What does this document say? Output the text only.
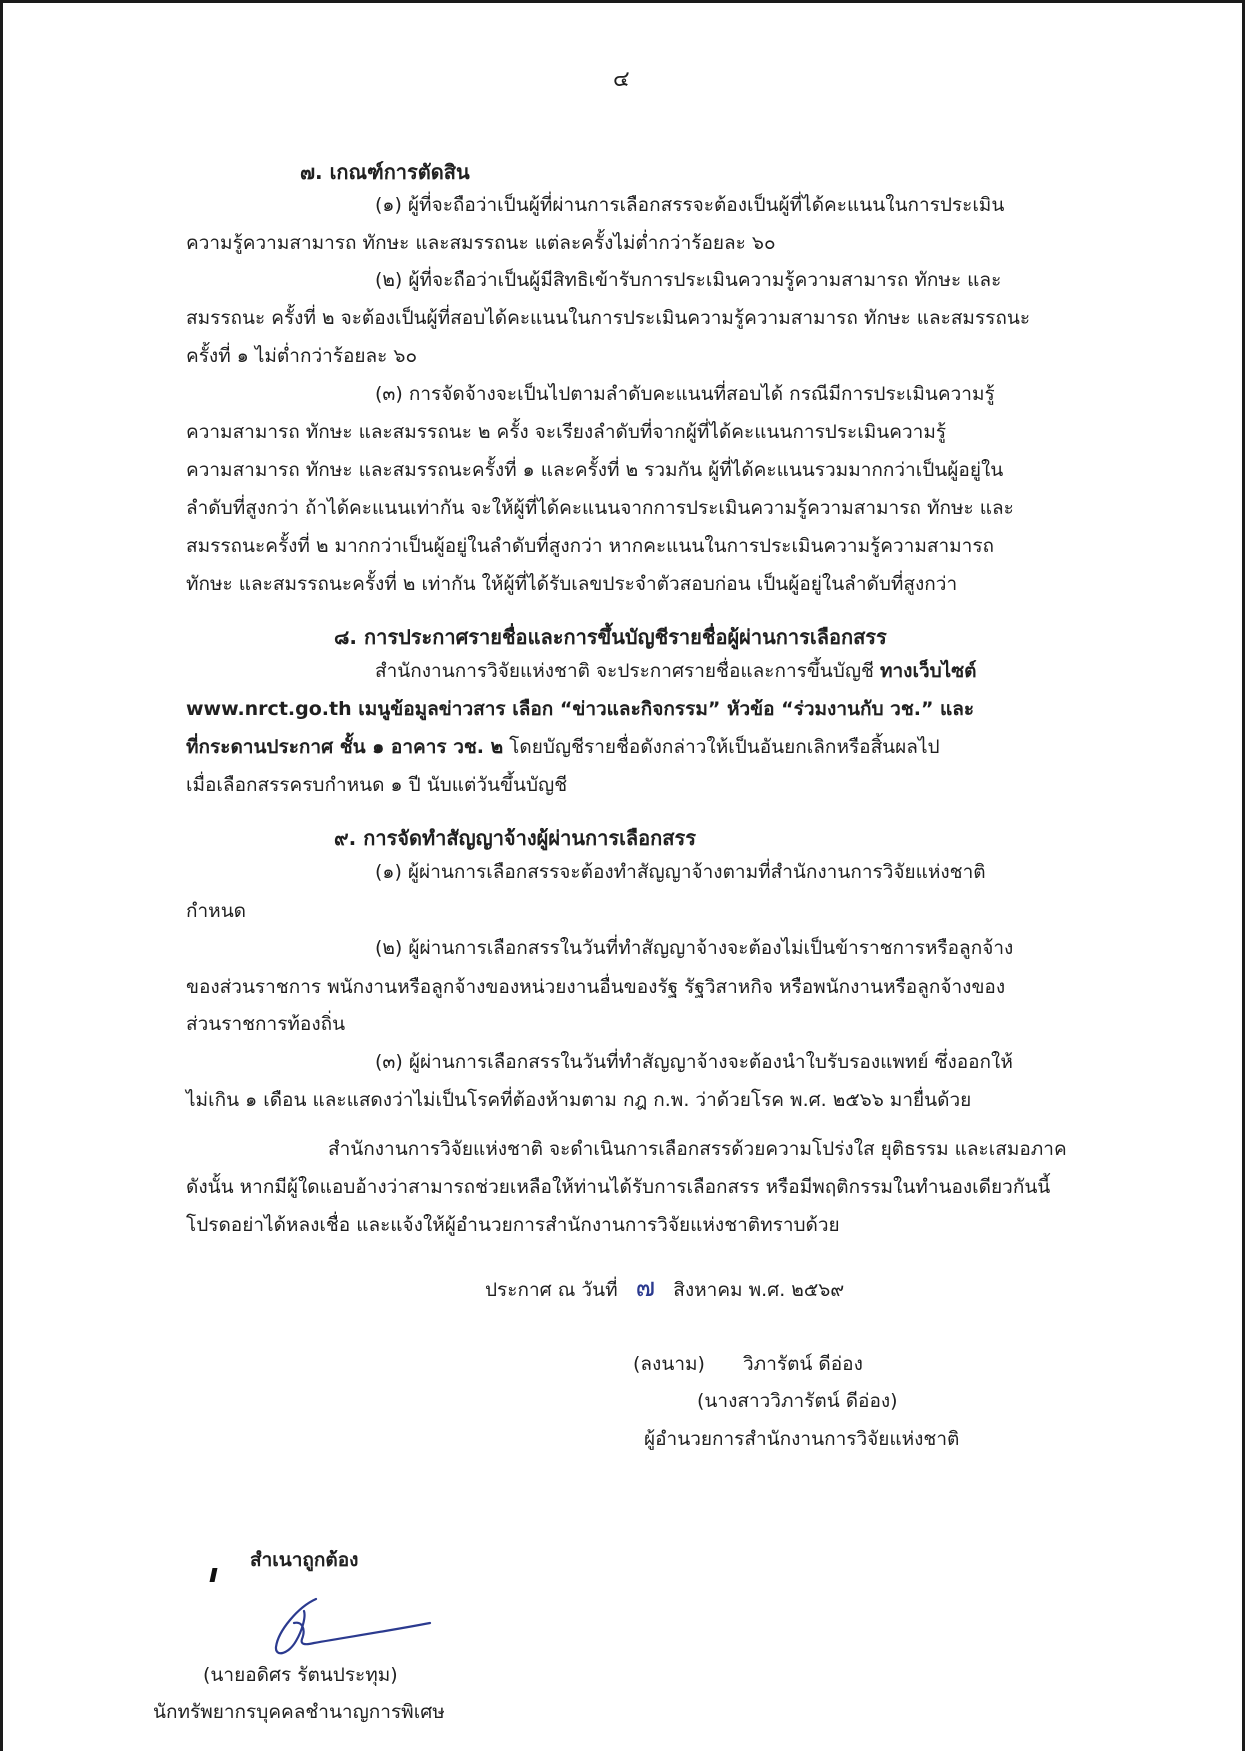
๔
๗. เกณฑ์การตัดสิน
(๑) ผู้ที่จะถือว่าเป็นผู้ที่ผ่านการเลือกสรรจะต้องเป็นผู้ที่ได้คะแนนในการประเมิน
ความรู้ความสามารถ ทักษะ และสมรรถนะ แต่ละครั้งไม่ต่ำกว่าร้อยละ ๖๐
(๒) ผู้ที่จะถือว่าเป็นผู้มีสิทธิเข้ารับการประเมินความรู้ความสามารถ ทักษะ และ
สมรรถนะ ครั้งที่ ๒ จะต้องเป็นผู้ที่สอบได้คะแนนในการประเมินความรู้ความสามารถ ทักษะ และสมรรถนะ
ครั้งที่ ๑ ไม่ต่ำกว่าร้อยละ ๖๐
(๓) การจัดจ้างจะเป็นไปตามลำดับคะแนนที่สอบได้ กรณีมีการประเมินความรู้
ความสามารถ ทักษะ และสมรรถนะ ๒ ครั้ง จะเรียงลำดับที่จากผู้ที่ได้คะแนนการประเมินความรู้
ความสามารถ ทักษะ และสมรรถนะครั้งที่ ๑ และครั้งที่ ๒ รวมกัน ผู้ที่ได้คะแนนรวมมากกว่าเป็นผู้อยู่ใน
ลำดับที่สูงกว่า ถ้าได้คะแนนเท่ากัน จะให้ผู้ที่ได้คะแนนจากการประเมินความรู้ความสามารถ ทักษะ และ
สมรรถนะครั้งที่ ๒ มากกว่าเป็นผู้อยู่ในลำดับที่สูงกว่า หากคะแนนในการประเมินความรู้ความสามารถ
ทักษะ และสมรรถนะครั้งที่ ๒ เท่ากัน ให้ผู้ที่ได้รับเลขประจำตัวสอบก่อน เป็นผู้อยู่ในลำดับที่สูงกว่า
๘. การประกาศรายชื่อและการขึ้นบัญชีรายชื่อผู้ผ่านการเลือกสรร
สำนักงานการวิจัยแห่งชาติ จะประกาศรายชื่อและการขึ้นบัญชี ทางเว็บไซต์
www.nrct.go.th เมนูข้อมูลข่าวสาร เลือก “ข่าวและกิจกรรม” หัวข้อ “ร่วมงานกับ วช.” และ
ที่กระดานประกาศ ชั้น ๑ อาคาร วช. ๒ โดยบัญชีรายชื่อดังกล่าวให้เป็นอันยกเลิกหรือสิ้นผลไป
เมื่อเลือกสรรครบกำหนด ๑ ปี นับแต่วันขึ้นบัญชี
๙. การจัดทำสัญญาจ้างผู้ผ่านการเลือกสรร
(๑) ผู้ผ่านการเลือกสรรจะต้องทำสัญญาจ้างตามที่สำนักงานการวิจัยแห่งชาติ
กำหนด
(๒) ผู้ผ่านการเลือกสรรในวันที่ทำสัญญาจ้างจะต้องไม่เป็นข้าราชการหรือลูกจ้าง
ของส่วนราชการ พนักงานหรือลูกจ้างของหน่วยงานอื่นของรัฐ รัฐวิสาหกิจ หรือพนักงานหรือลูกจ้างของ
ส่วนราชการท้องถิ่น
(๓) ผู้ผ่านการเลือกสรรในวันที่ทำสัญญาจ้างจะต้องนำใบรับรองแพทย์ ซึ่งออกให้
ไม่เกิน ๑ เดือน และแสดงว่าไม่เป็นโรคที่ต้องห้ามตาม กฎ ก.พ. ว่าด้วยโรค พ.ศ. ๒๕๖๖ มายื่นด้วย
สำนักงานการวิจัยแห่งชาติ จะดำเนินการเลือกสรรด้วยความโปร่งใส ยุติธรรม และเสมอภาค
ดังนั้น หากมีผู้ใดแอบอ้างว่าสามารถช่วยเหลือให้ท่านได้รับการเลือกสรร หรือมีพฤติกรรมในทำนองเดียวกันนี้
โปรดอย่าได้หลงเชื่อ และแจ้งให้ผู้อำนวยการสำนักงานการวิจัยแห่งชาติทราบด้วย
ประกาศ ณ วันที่ ๗ สิงหาคม พ.ศ. ๒๕๖๙
(ลงนาม) วิภารัตน์ ดีอ่อง
(นางสาววิภารัตน์ ดีอ่อง)
ผู้อำนวยการสำนักงานการวิจัยแห่งชาติ
สำเนาถูกต้อง
(นายอดิศร รัตนประทุม)
นักทรัพยากรบุคคลชำนาญการพิเศษ
